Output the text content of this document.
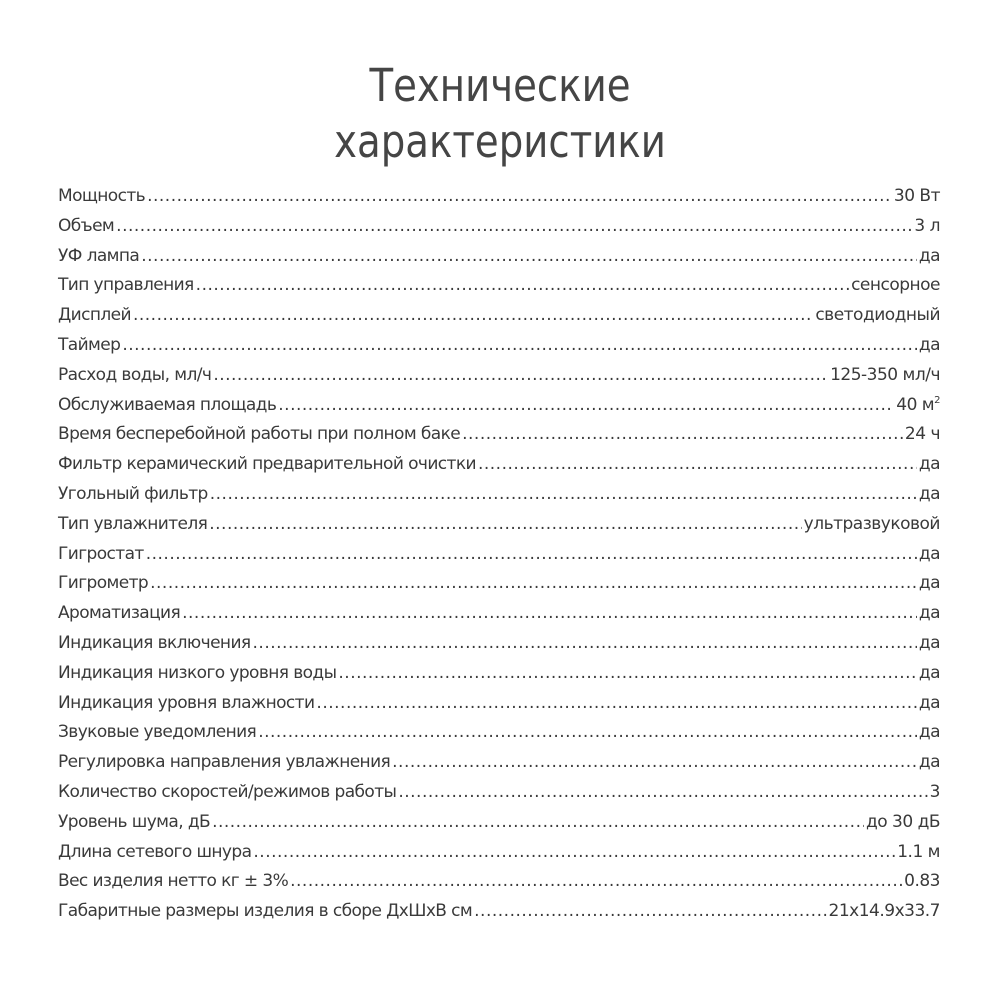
Технические
характеристики
Мощность .....	30 Вт
Объем .....	3 л
УФ лампа .....	да
Тип управления .....	сенсорное
Дисплей .....	светодиодный
Таймер .....	да
Расход воды, мл/ч .....	125-350 мл/ч
Обслуживаемая площадь .....	40 $м^2$
Время бесперебойной работы при полном баке .....	24 ч
Фильтр керамический предварительной очистки .....	да
Угольный фильтр .....	да
Тип увлажнителя .....	ультразвуковой
Гигростат .....	да
Гигрометр .....	да
Ароматизация .....	да
Индикация включения .....	да
Индикация низкого уровня воды .....	да
Индикация уровня влажности .....	да
Звуковые уведомления .....	да
Регулировка направления увлажнения .....	да
Количество скоростей/режимов работы .....	3
Уровень шума, дБ .....	до 30 дБ
Длина сетевого шнура .....	1.1 м
Вес изделия нетто кг ± 3% .....	0.83
Габаритные размеры изделия в сборе ДхШхВ см .....	21x14.9x33.7
